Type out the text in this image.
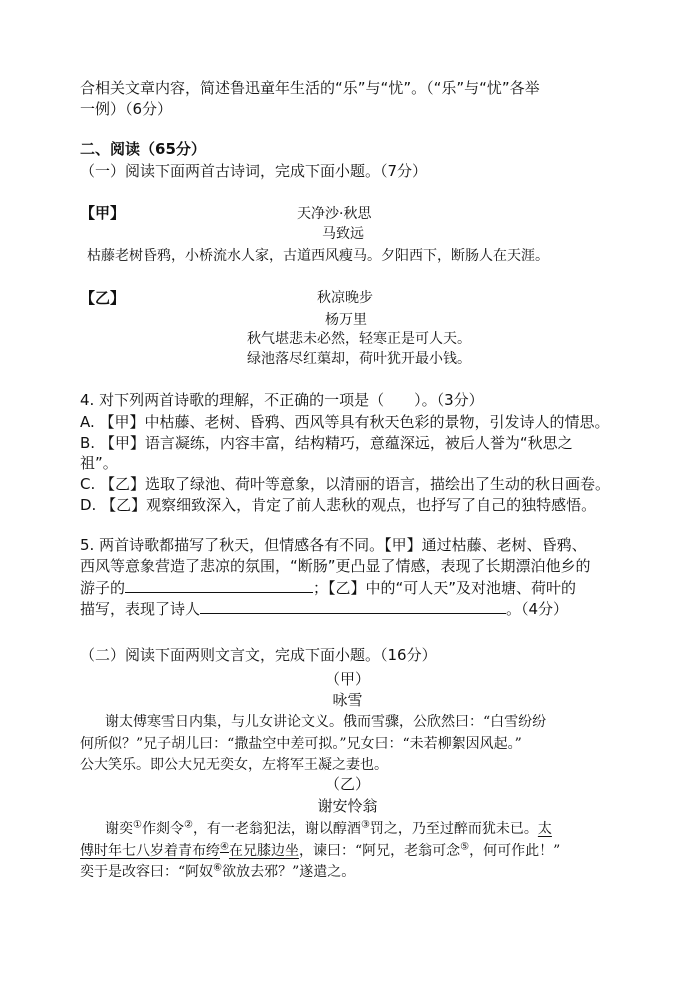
合相关文章内容，简述鲁迅童年生活的“乐”与“忧”。（“乐”与“忧”各举
一例）（6分）
二、阅读（65分）
（一）阅读下面两首古诗词，完成下面小题。（7分）
【甲】	天净沙·秋思
马致远
枯藤老树昏鸦，小桥流水人家，古道西风瘦马。夕阳西下，断肠人在天涯。
【乙】	秋凉晚步
杨万里
秋气堪悲未必然，轻寒正是可人天。
绿池落尽红蕖却，荷叶犹开最小钱。
4. 对下列两首诗歌的理解，不正确的一项是（　　）。（3分）
A. 【甲】中枯藤、老树、昏鸦、西风等具有秋天色彩的景物，引发诗人的情思。
B. 【甲】语言凝练，内容丰富，结构精巧，意蕴深远，被后人誉为“秋思之
祖”。
C. 【乙】选取了绿池、荷叶等意象，以清丽的语言，描绘出了生动的秋日画卷。
D. 【乙】观察细致深入，肯定了前人悲秋的观点，也抒写了自己的独特感悟。
5. 两首诗歌都描写了秋天，但情感各有不同。【甲】通过枯藤、老树、昏鸦、
西风等意象营造了悲凉的氛围，“断肠”更凸显了情感，表现了长期漂泊他乡的
游子的	；【乙】中的“可人天”及对池塘、荷叶的
描写，表现了诗人	。（4分）
（二）阅读下面两则文言文，完成下面小题。（16分）
（甲）
咏雪
谢太傅寒雪日内集，与儿女讲论文义。俄而雪骤，公欣然曰：“白雪纷纷
何所似？”兄子胡儿曰：“撒盐空中差可拟。”兄女曰：“未若柳絮因风起。”
公大笑乐。即公大兄无奕女，左将军王凝之妻也。
（乙）
谢安怜翁
谢奕①作剡令②，有一老翁犯法，谢以醇酒③罚之，乃至过醉而犹未已。太
傅时年七八岁着青布绔④在兄膝边坐，谏曰：“阿兄，老翁可念⑤，何可作此！”
奕于是改容曰：“阿奴⑥欲放去邪？”遂遣之。
